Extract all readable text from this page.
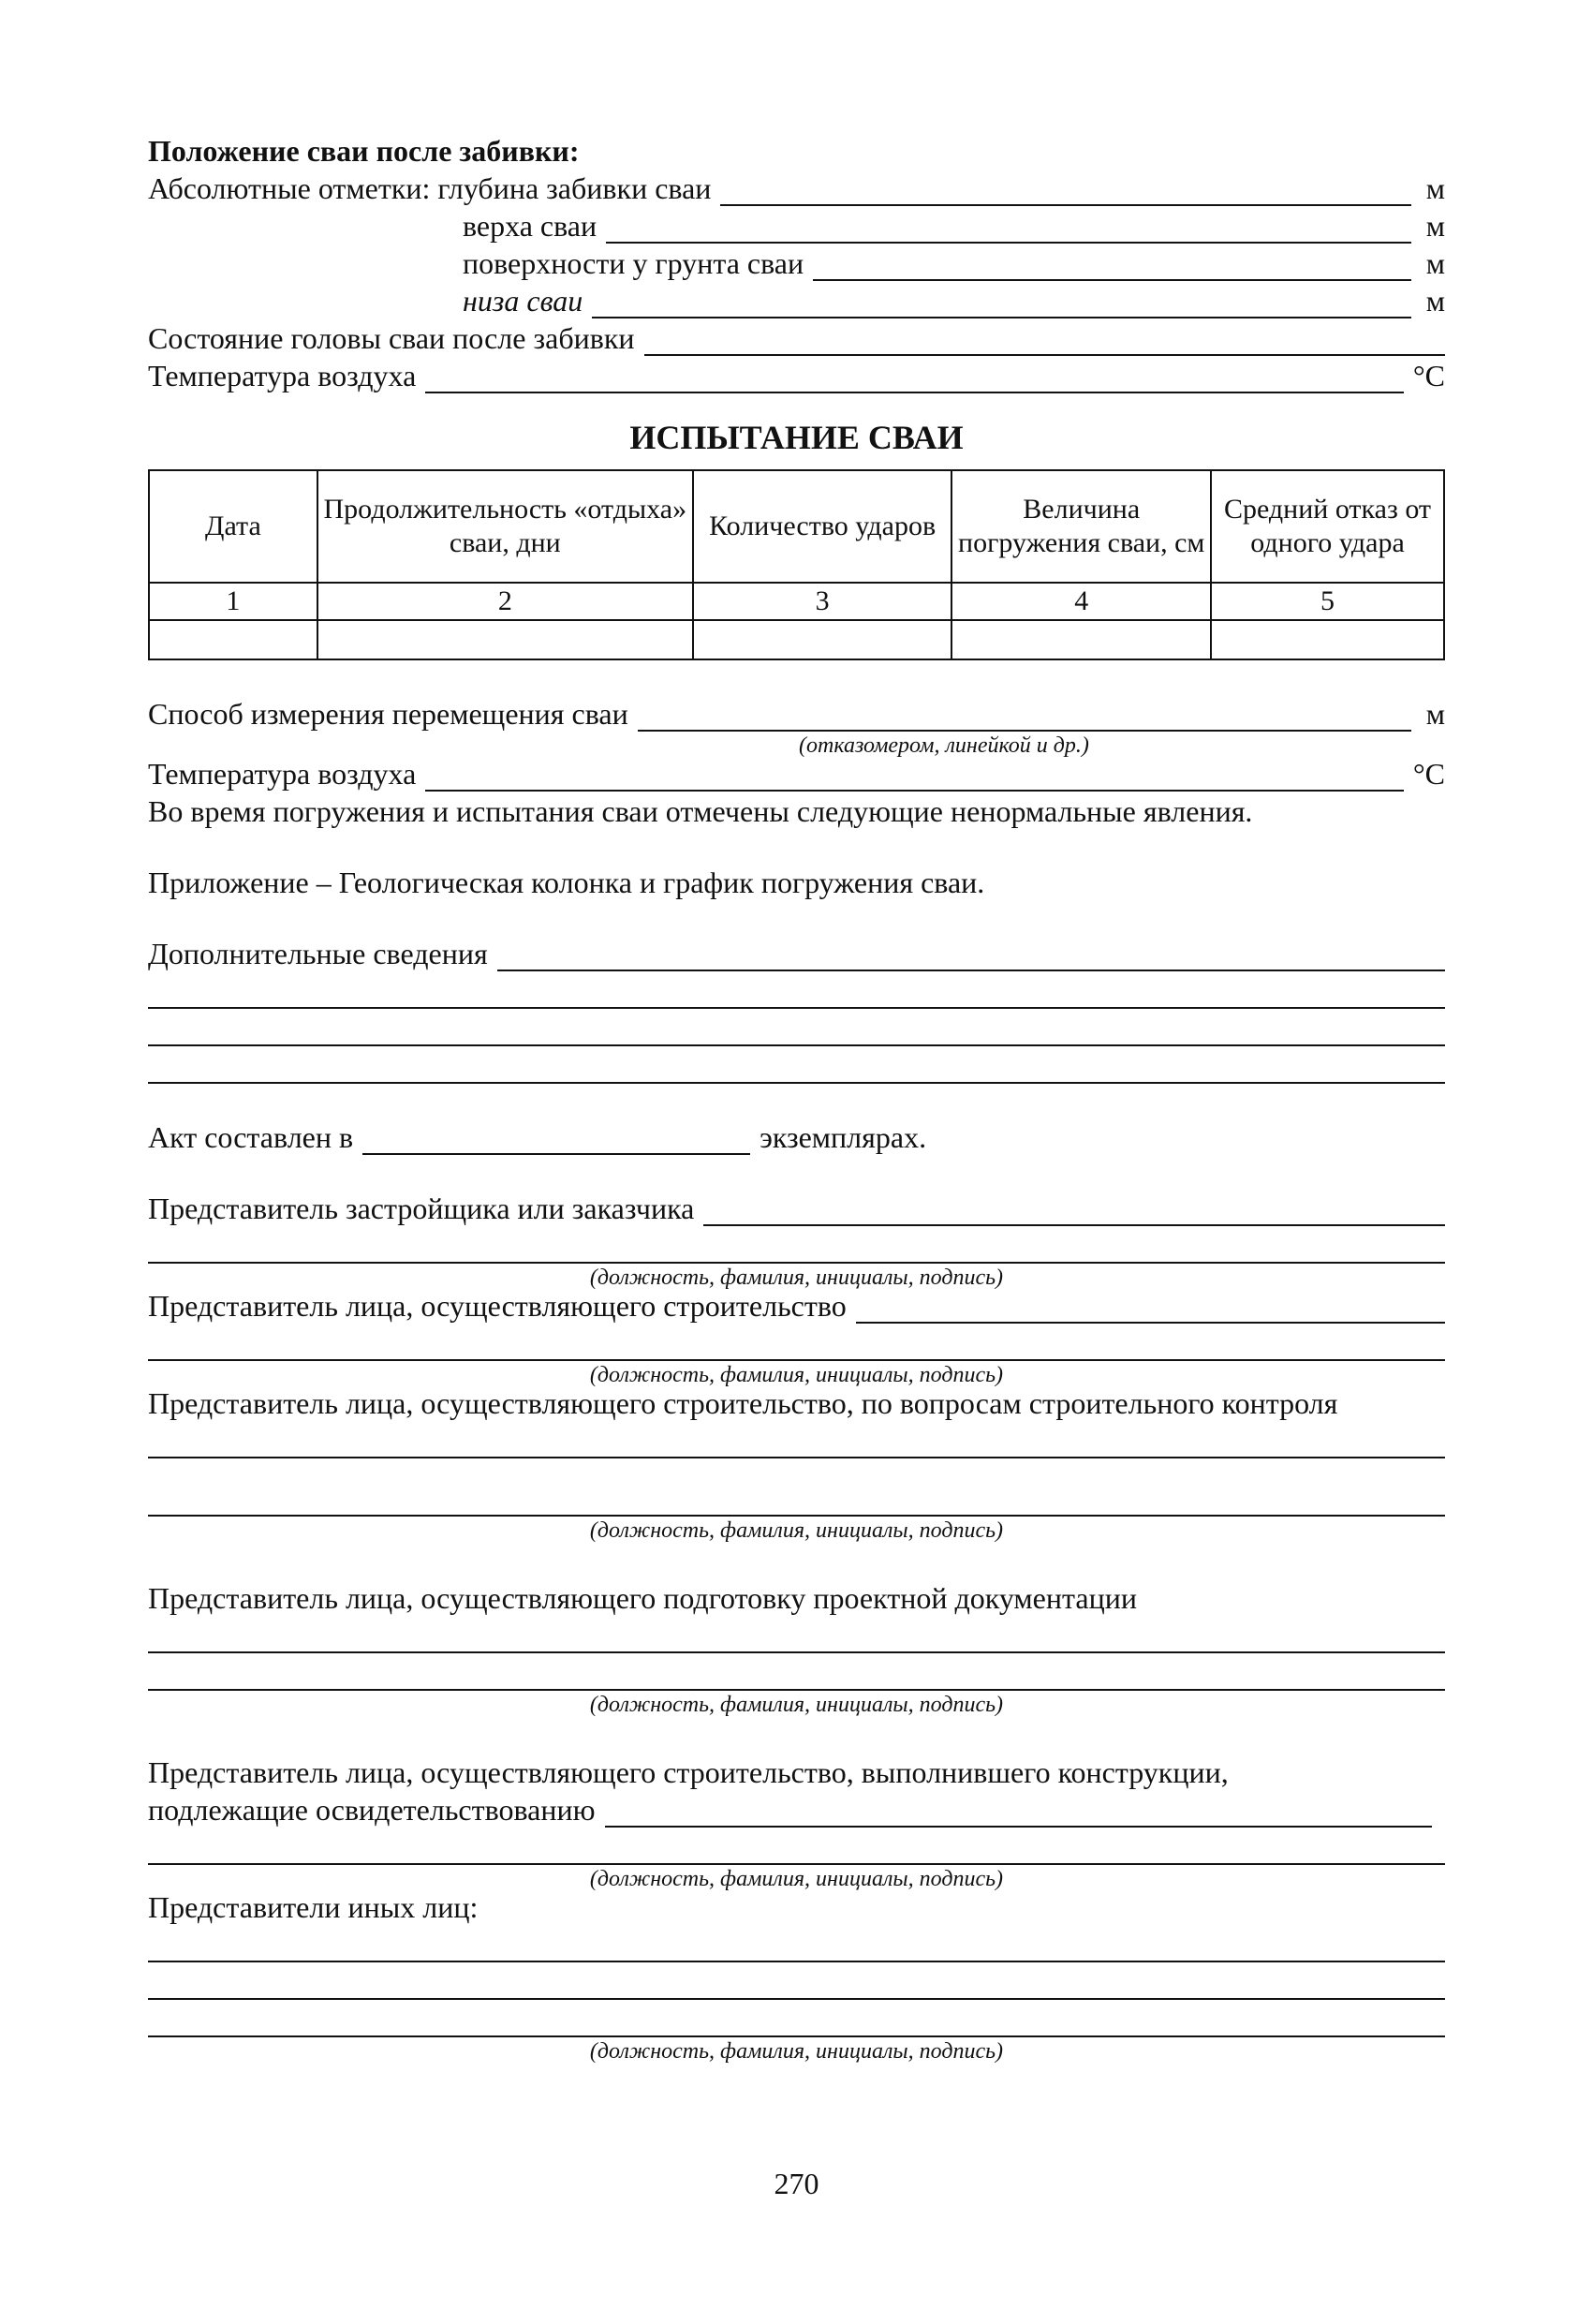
Положение сваи после забивки:
Абсолютные отметки:
глубина забивки сваи	м
верха сваи	м
поверхности у грунта сваи	м
низа сваи	м
Состояние головы сваи после забивки
Температура воздуха	°С
ИСПЫТАНИЕ СВАИ
Дата	Продолжительность «отдыха» сваи, дни	Количество ударов	Величина погружения сваи, см	Средний отказ от одного удара
1	2	3	4	5

Способ измерения перемещения сваи	м
(отказомером, линейкой и др.)
Температура воздуха	°С
Во время погружения и испытания сваи отмечены следующие ненормальные явления.
Приложение – Геологическая колонка и график погружения сваи.
Дополнительные сведения
Акт составлен в	экземплярах.
Представитель застройщика или заказчика
(должность, фамилия, инициалы, подпись)
Представитель лица, осуществляющего строительство
(должность, фамилия, инициалы, подпись)
Представитель лица, осуществляющего строительство, по вопросам строительного контроля
(должность, фамилия, инициалы, подпись)
Представитель лица, осуществляющего подготовку проектной документации
(должность, фамилия, инициалы, подпись)
Представитель лица, осуществляющего строительство, выполнившего конструкции,
подлежащие освидетельствованию
(должность, фамилия, инициалы, подпись)
Представители иных лиц:
(должность, фамилия, инициалы, подпись)
270
